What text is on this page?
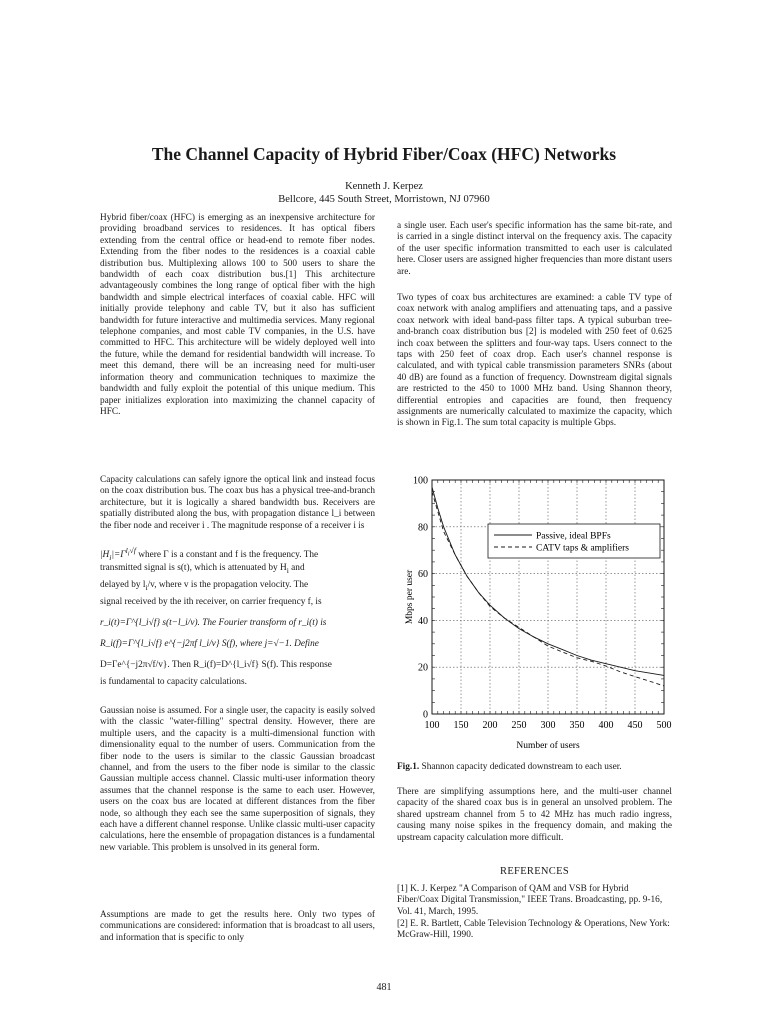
The Channel Capacity of Hybrid Fiber/Coax (HFC) Networks
Kenneth J. Kerpez
Bellcore, 445 South Street, Morristown, NJ 07960

Hybrid fiber/coax (HFC) is emerging as an inexpensive architecture for providing broadband services to residences. It has optical fibers extending from the central office or head-end to remote fiber nodes. Extending from the fiber nodes to the residences is a coaxial cable distribution bus. Multiplexing allows 100 to 500 users to share the bandwidth of each coax distribution bus.[1] This architecture advantageously combines the long range of optical fiber with the high bandwidth and simple electrical interfaces of coaxial cable. HFC will initially provide telephony and cable TV, but it also has sufficient bandwidth for future interactive and multimedia services. Many regional telephone companies, and most cable TV companies, in the U.S. have committed to HFC. This architecture will be widely deployed well into the future, while the demand for residential bandwidth will increase. To meet this demand, there will be an increasing need for multi-user information theory and communication techniques to maximize the bandwidth and fully exploit the potential of this unique medium. This paper initializes exploration into maximizing the channel capacity of HFC.

Capacity calculations can safely ignore the optical link and instead focus on the coax distribution bus. The coax bus has a physical tree-and-branch architecture, but it is logically a shared bandwidth bus. Receivers are spatially distributed along the bus, with propagation distance l_i between the fiber node and receiver i . The magnitude response of a receiver i is

$|H_i|=\Gamma^{l_i√f}$ where Γ is a constant and f is the frequency. The
transmitted signal is s(t), which is attenuated by $H_i$ and
delayed by $l_i/v$, where v is the propagation velocity. The
signal received by the ith receiver, on carrier frequency f, is
r_i(t)=Γ^{l_i√f} s(t−l_i/v). The Fourier transform of r_i(t) is
R_i(f)=Γ^{l_i√f} e^{−j2πf l_i/v} S(f), where j=√−1. Define
D=Γe^{−j2π√f/v}. Then R_i(f)=D^{l_i√f} S(f). This response
is fundamental to capacity calculations.

Gaussian noise is assumed. For a single user, the capacity is easily solved with the classic "water-filling" spectral density. However, there are multiple users, and the capacity is a multi-dimensional function with dimensionality equal to the number of users. Communication from the fiber node to the users is similar to the classic Gaussian broadcast channel, and from the users to the fiber node is similar to the classic Gaussian multiple access channel. Classic multi-user information theory assumes that the channel response is the same to each user. However, users on the coax bus are located at different distances from the fiber node, so although they each see the same superposition of signals, they each have a different channel response. Unlike classic multi-user capacity calculations, here the ensemble of propagation distances is a fundamental new variable. This problem is unsolved in its general form.

Assumptions are made to get the results here. Only two types of communications are considered: information that is broadcast to all users, and information that is specific to only

a single user. Each user's specific information has the same bit-rate, and is carried in a single distinct interval on the frequency axis. The capacity of the user specific information transmitted to each user is calculated here. Closer users are assigned higher frequencies than more distant users are.

Two types of coax bus architectures are examined: a cable TV type of coax network with analog amplifiers and attenuating taps, and a passive coax network with ideal band-pass filter taps. A typical suburban tree-and-branch coax distribution bus [2] is modeled with 250 feet of 0.625 inch coax between the splitters and four-way taps. Users connect to the taps with 250 feet of coax drop. Each user's channel response is calculated, and with typical cable transmission parameters SNRs (about 40 dB) are found as a function of frequency. Downstream digital signals are restricted to the 450 to 1000 MHz band. Using Shannon theory, differential entropies and capacities are found, then frequency assignments are numerically calculated to maximize the capacity, which is shown in Fig.1. The sum total capacity is multiple Gbps.

100 150 200 250 300 350 400 450 500
0
20
40
60
80
100
Passive, ideal BPFs
CATV taps & amplifiers
Mbps per user
Number of users
Fig.1. Shannon capacity dedicated downstream to each user.

There are simplifying assumptions here, and the multi-user channel capacity of the shared coax bus is in general an unsolved problem. The shared upstream channel from 5 to 42 MHz has much radio ingress, causing many noise spikes in the frequency domain, and making the upstream capacity calculation more difficult.

REFERENCES

[1] K. J. Kerpez "A Comparison of QAM and VSB for Hybrid Fiber/Coax Digital Transmission," IEEE Trans. Broadcasting, pp. 9-16, Vol. 41, March, 1995.

[2] E. R. Bartlett, Cable Television Technology & Operations, New York: McGraw-Hill, 1990.

481
